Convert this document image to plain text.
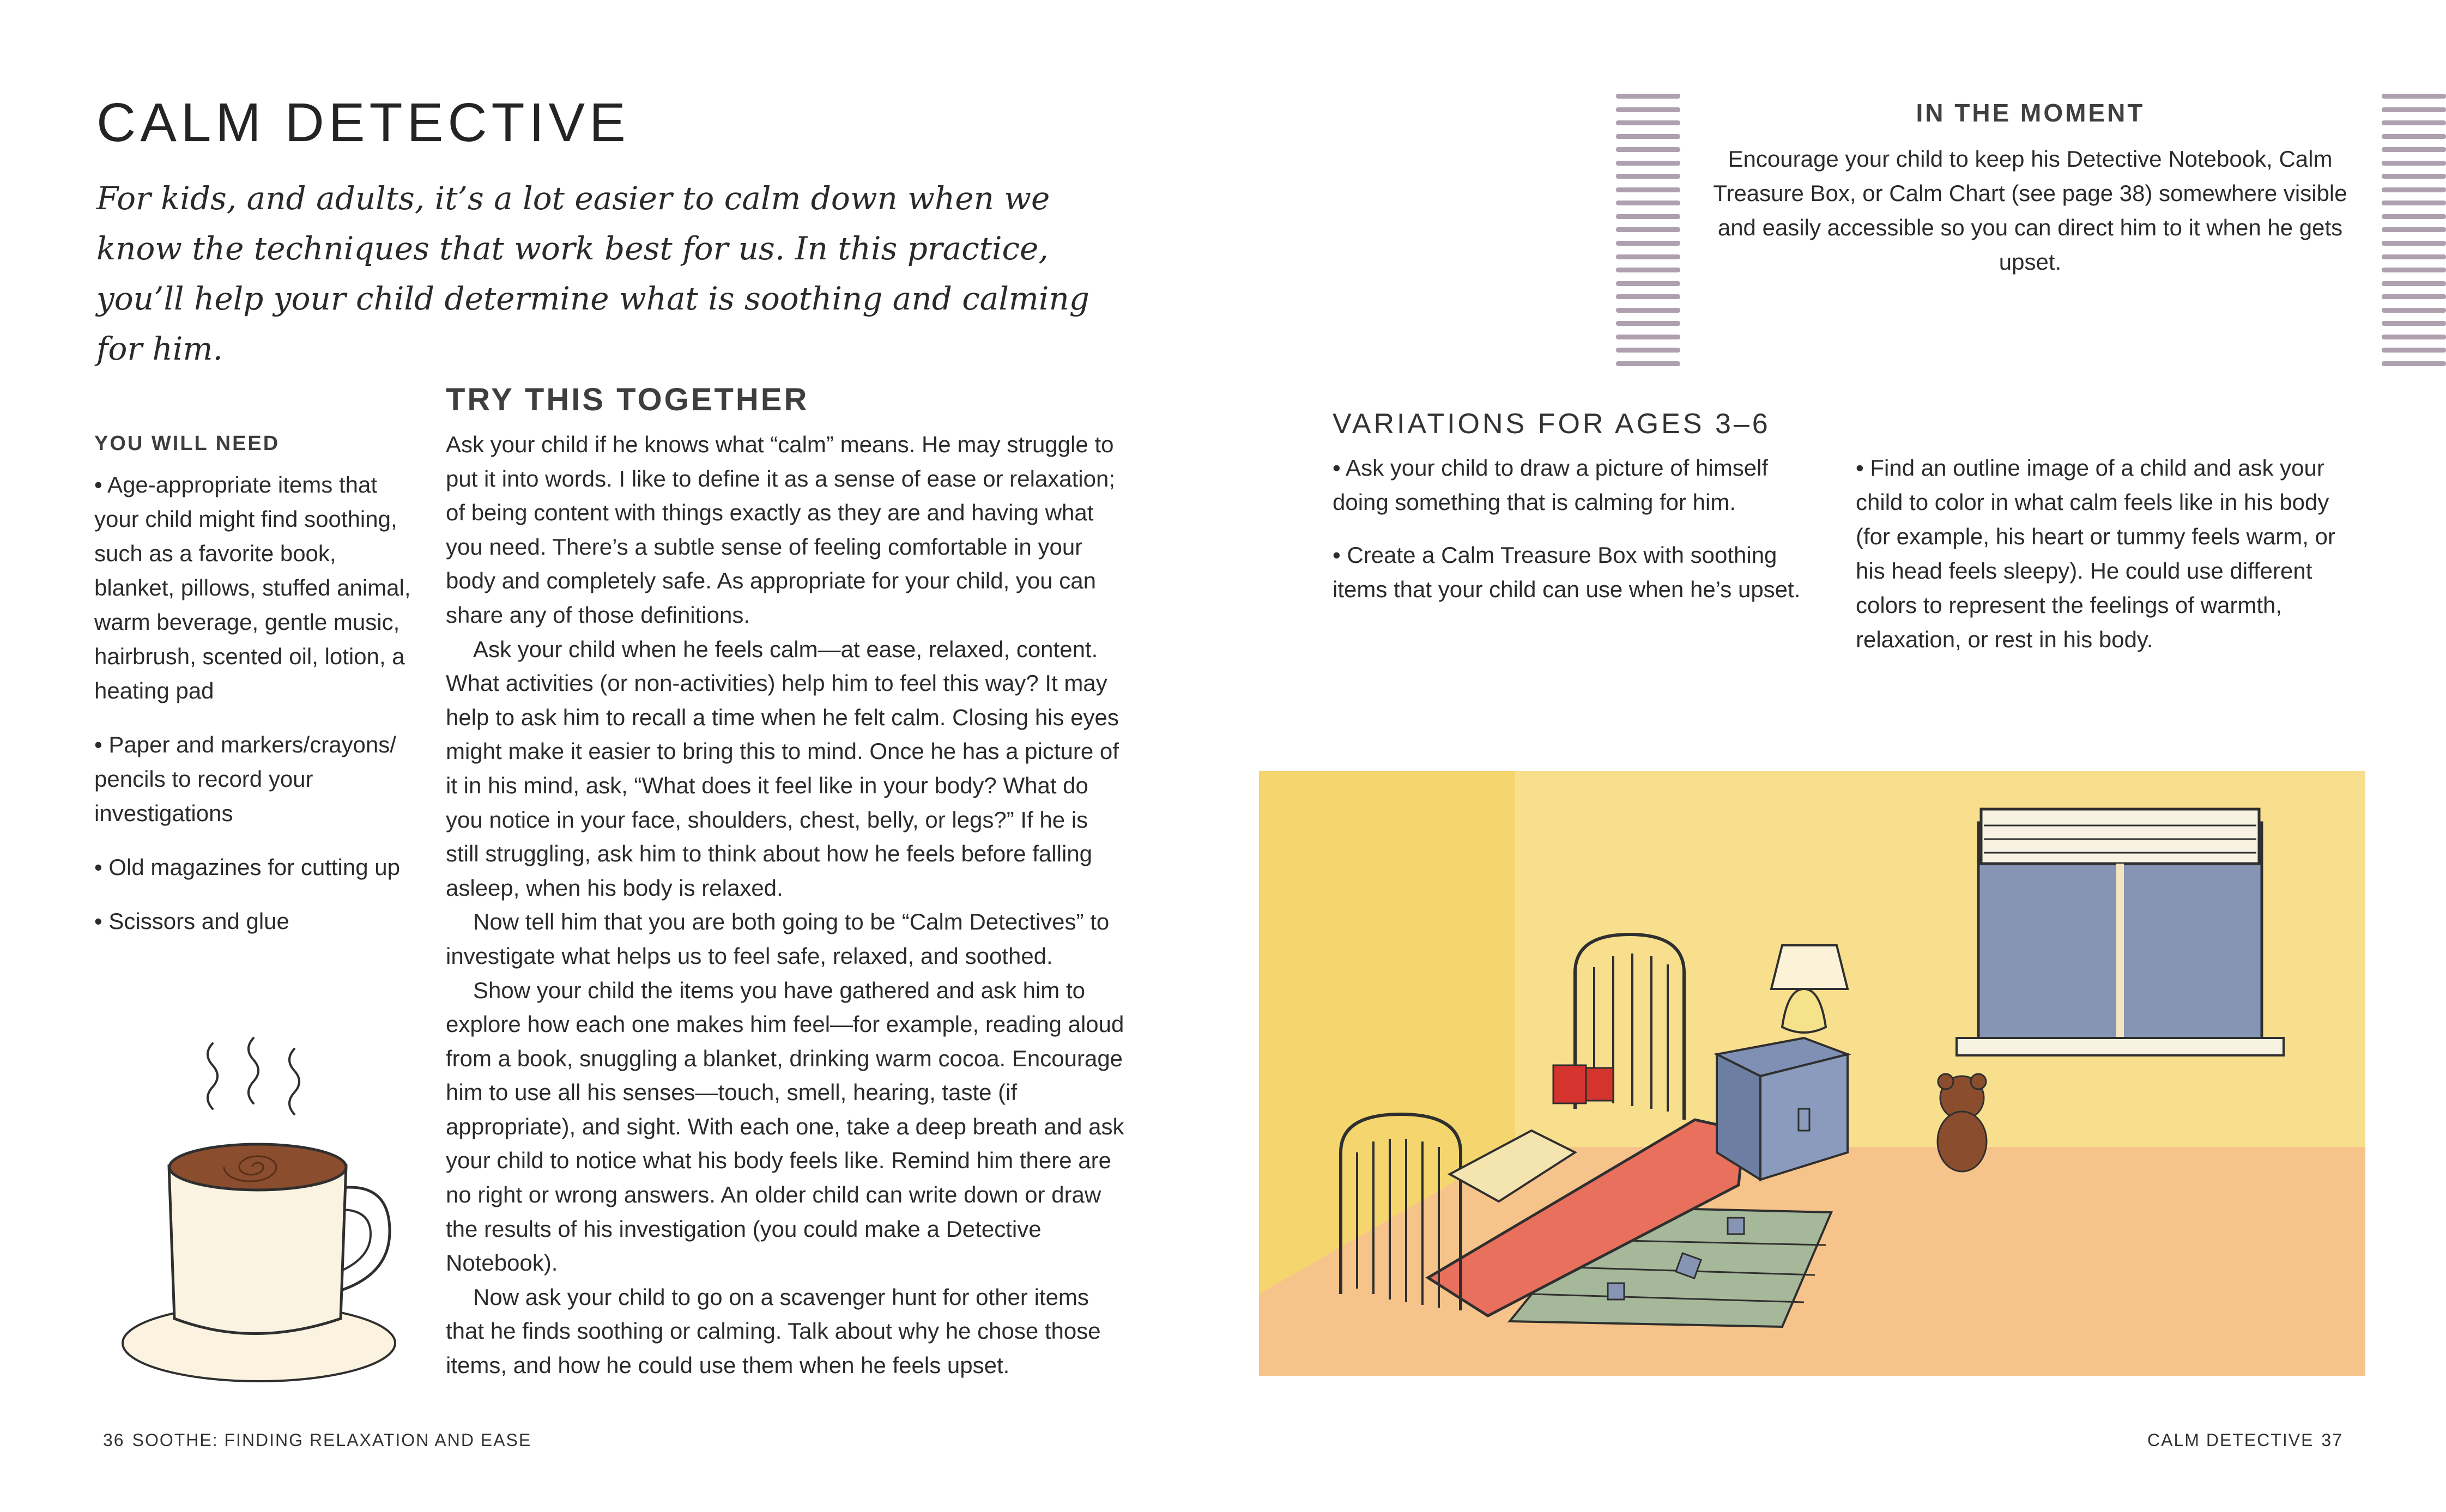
CALM DETECTIVE

For kids, and adults, it’s a lot easier to calm down when we know the techniques that work best for us. In this practice, you’ll help your child determine what is soothing and calming for him.

YOU WILL NEED
• Age-appropriate items that your child might find soothing, such as a favorite book, blanket, pillows, stuffed animal, warm beverage, gentle music, hairbrush, scented oil, lotion, a heating pad
• Paper and markers/crayons/ pencils to record your investigations
• Old magazines for cutting up
• Scissors and glue
TRY THIS TOGETHER

Ask your child if he knows what “calm” means. He may struggle to put it into words. I like to define it as a sense of ease or relaxation; of being content with things exactly as they are and having what you need. There’s a subtle sense of feeling comfortable in your body and completely safe. As appropriate for your child, you can share any of those definitions.

Ask your child when he feels calm—at ease, relaxed, content. What activities (or non-activities) help him to feel this way? It may help to ask him to recall a time when he felt calm. Closing his eyes might make it easier to bring this to mind. Once he has a picture of it in his mind, ask, “What does it feel like in your body? What do you notice in your face, shoulders, chest, belly, or legs?” If he is still struggling, ask him to think about how he feels before falling asleep, when his body is relaxed.

Now tell him that you are both going to be “Calm Detectives” to investigate what helps us to feel safe, relaxed, and soothed.

Show your child the items you have gathered and ask him to explore how each one makes him feel—for example, reading aloud from a book, snuggling a blanket, drinking warm cocoa. Encourage him to use all his senses—touch, smell, hearing, taste (if appropriate), and sight. With each one, take a deep breath and ask your child to notice what his body feels like. Remind him there are no right or wrong answers. An older child can write down or draw the results of his investigation (you could make a Detective Notebook).

Now ask your child to go on a scavenger hunt for other items that he finds soothing or calming. Talk about why he chose those items, and how he could use them when he feels upset.

36 SOOTHE: FINDING RELAXATION AND EASE
IN THE MOMENT

Encourage your child to keep his Detective Notebook, Calm Treasure Box, or Calm Chart (see page 38) somewhere visible and easily accessible so you can direct him to it when he gets upset.

VARIATIONS FOR AGES 3–6
• Ask your child to draw a picture of himself doing something that is calming for him.
• Create a Calm Treasure Box with soothing items that your child can use when he’s upset.
• Find an outline image of a child and ask your child to color in what calm feels like in his body (for example, his heart or tummy feels warm, or his head feels sleepy). He could use different colors to represent the feelings of warmth, relaxation, or rest in his body.
CALM DETECTIVE 37
